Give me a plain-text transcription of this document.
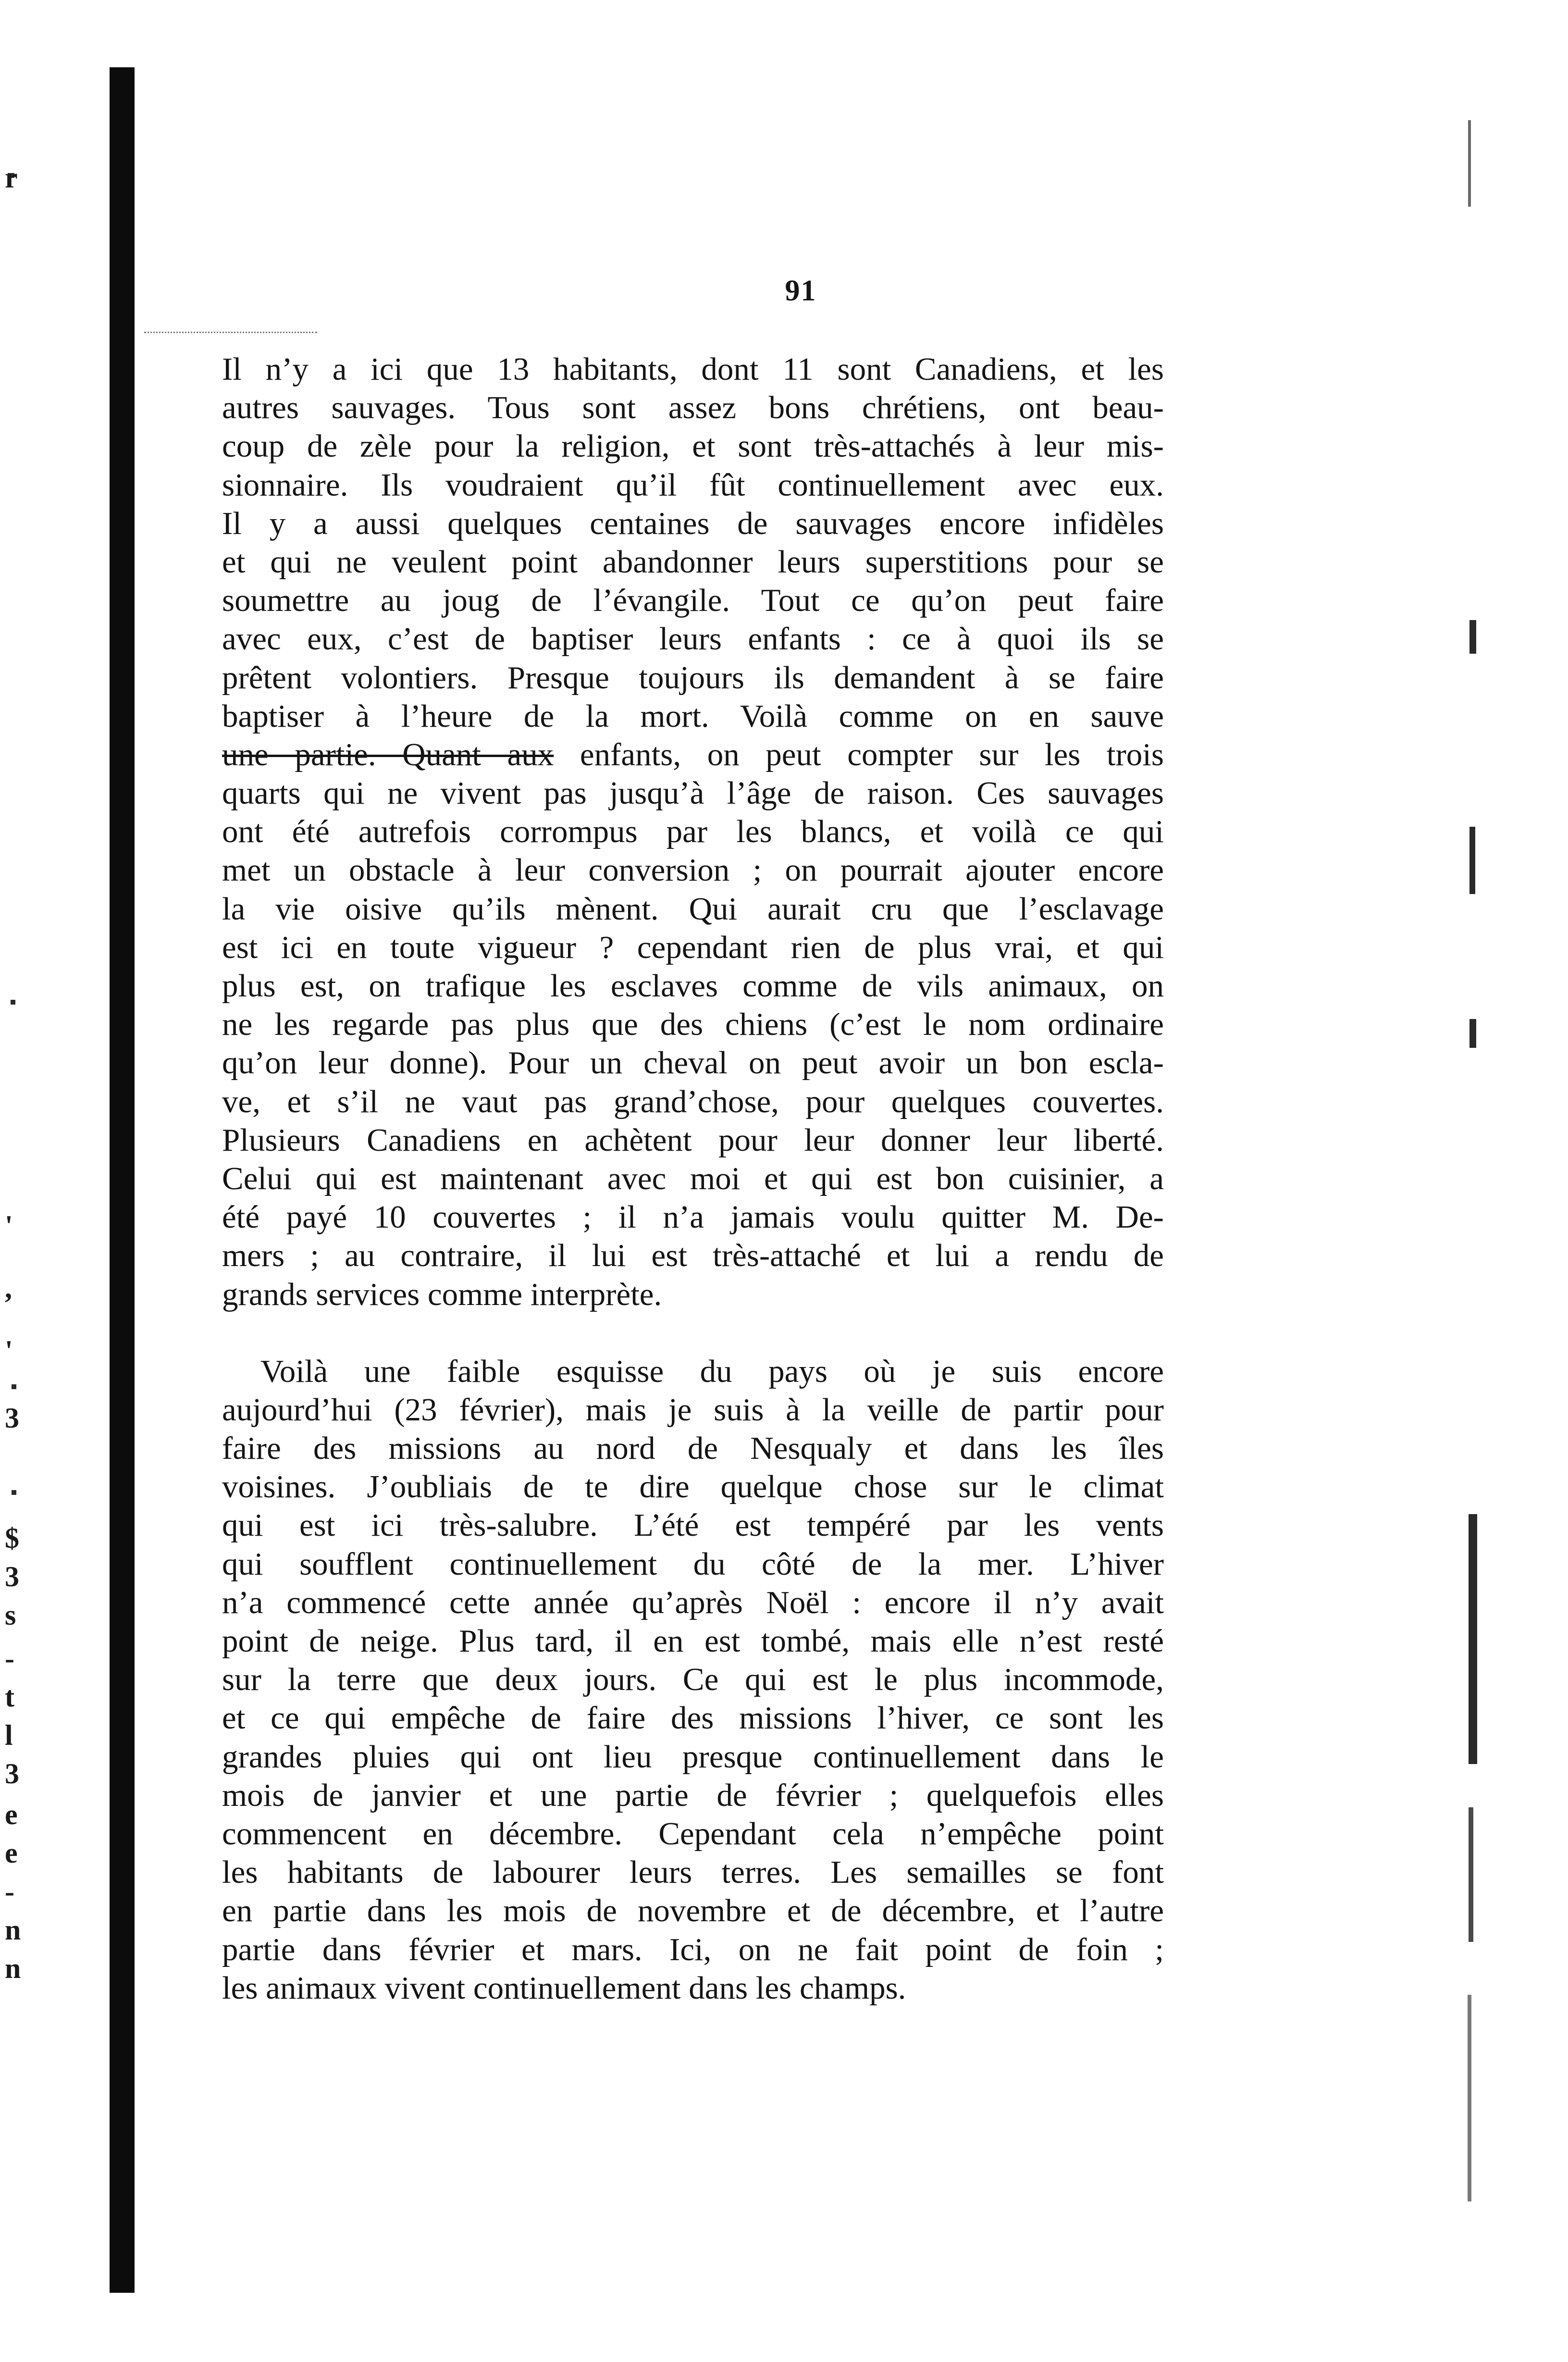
r
'
,
'
3
$
3
s
-
t
l
3
e
e
-
n
n
91
Il n’y a ici que 13 habitants, dont 11 sont Canadiens, et les
autres sauvages. Tous sont assez bons chrétiens, ont beau-
coup de zèle pour la religion, et sont très-attachés à leur mis-
sionnaire. Ils voudraient qu’il fût continuellement avec eux.
Il y a aussi quelques centaines de sauvages encore infidèles
et qui ne veulent point abandonner leurs superstitions pour se
soumettre au joug de l’évangile. Tout ce qu’on peut faire
avec eux, c’est de baptiser leurs enfants : ce à quoi ils se
prêtent volontiers. Presque toujours ils demandent à se faire
baptiser à l’heure de la mort. Voilà comme on en sauve
une partie. Quant aux enfants, on peut compter sur les trois
quarts qui ne vivent pas jusqu’à l’âge de raison. Ces sauvages
ont été autrefois corrompus par les blancs, et voilà ce qui
met un obstacle à leur conversion ; on pourrait ajouter encore
la vie oisive qu’ils mènent. Qui aurait cru que l’esclavage
est ici en toute vigueur ? cependant rien de plus vrai, et qui
plus est, on trafique les esclaves comme de vils animaux, on
ne les regarde pas plus que des chiens (c’est le nom ordinaire
qu’on leur donne). Pour un cheval on peut avoir un bon escla-
ve, et s’il ne vaut pas grand’chose, pour quelques couvertes.
Plusieurs Canadiens en achètent pour leur donner leur liberté.
Celui qui est maintenant avec moi et qui est bon cuisinier, a
été payé 10 couvertes ; il n’a jamais voulu quitter M. De-
mers ; au contraire, il lui est très-attaché et lui a rendu de
grands services comme interprète.
Voilà une faible esquisse du pays où je suis encore
aujourd’hui (23 février), mais je suis à la veille de partir pour
faire des missions au nord de Nesqualy et dans les îles
voisines. J’oubliais de te dire quelque chose sur le climat
qui est ici très-salubre. L’été est tempéré par les vents
qui soufflent continuellement du côté de la mer. L’hiver
n’a commencé cette année qu’après Noël : encore il n’y avait
point de neige. Plus tard, il en est tombé, mais elle n’est resté
sur la terre que deux jours. Ce qui est le plus incommode,
et ce qui empêche de faire des missions l’hiver, ce sont les
grandes pluies qui ont lieu presque continuellement dans le
mois de janvier et une partie de février ; quelquefois elles
commencent en décembre. Cependant cela n’empêche point
les habitants de labourer leurs terres. Les semailles se font
en partie dans les mois de novembre et de décembre, et l’autre
partie dans février et mars. Ici, on ne fait point de foin ;
les animaux vivent continuellement dans les champs.
